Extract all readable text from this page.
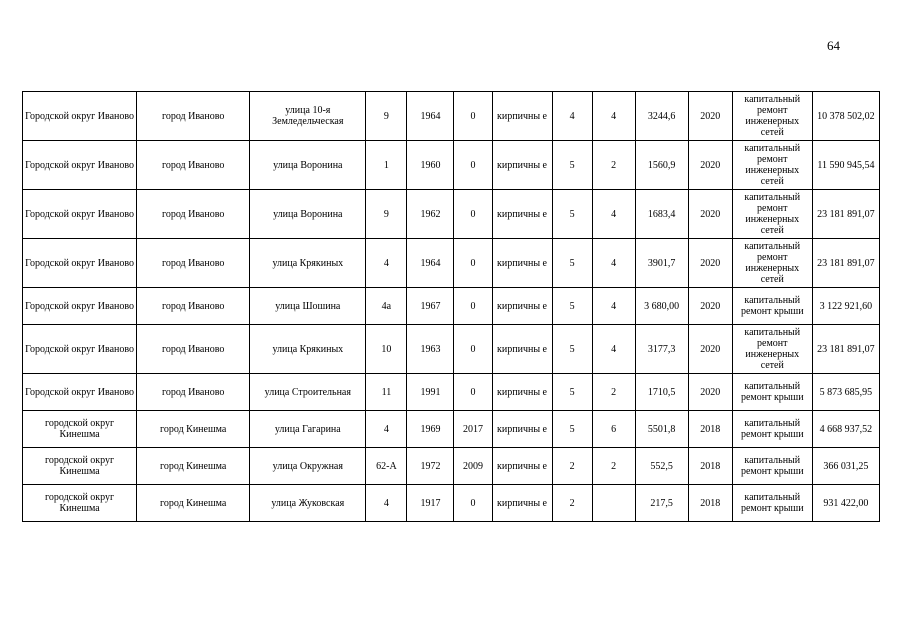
64
Городской округ Иваново	город Иваново	улица 10-я Земледельческая	9	1964	0	кирпичны е	4	4	3244,6	2020	капитальный ремонт инженерных сетей	10 378 502,02
Городской округ Иваново	город Иваново	улица Воронина	1	1960	0	кирпичны е	5	2	1560,9	2020	капитальный ремонт инженерных сетей	11 590 945,54
Городской округ Иваново	город Иваново	улица Воронина	9	1962	0	кирпичны е	5	4	1683,4	2020	капитальный ремонт инженерных сетей	23 181 891,07
Городской округ Иваново	город Иваново	улица Крякиных	4	1964	0	кирпичны е	5	4	3901,7	2020	капитальный ремонт инженерных сетей	23 181 891,07
Городской округ Иваново	город Иваново	улица Шошина	4а	1967	0	кирпичны е	5	4	3 680,00	2020	капитальный ремонт крыши	3 122 921,60
Городской округ Иваново	город Иваново	улица Крякиных	10	1963	0	кирпичны е	5	4	3177,3	2020	капитальный ремонт инженерных сетей	23 181 891,07
Городской округ Иваново	город Иваново	улица Строительная	11	1991	0	кирпичны е	5	2	1710,5	2020	капитальный ремонт крыши	5 873 685,95
городской округ Кинешма	город Кинешма	улица Гагарина	4	1969	2017	кирпичны е	5	6	5501,8	2018	капитальный ремонт крыши	4 668 937,52
городской округ Кинешма	город Кинешма	улица Окружная	62-А	1972	2009	кирпичны е	2	2	552,5	2018	капитальный ремонт крыши	366 031,25
городской округ Кинешма	город Кинешма	улица Жуковская	4	1917	0	кирпичны е	2		217,5	2018	капитальный ремонт крыши	931 422,00
